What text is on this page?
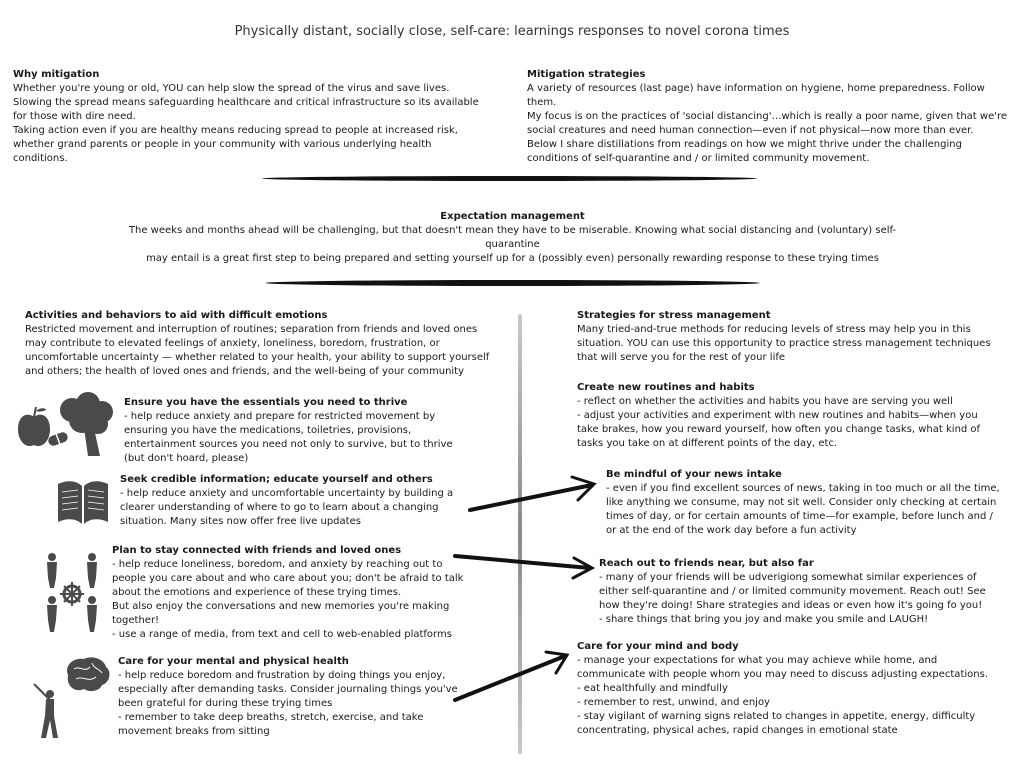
Physically distant, socially close, self-care: learnings responses to novel corona times
Why mitigation
Whether you're young or old, YOU can help slow the spread of the virus and save lives.
Slowing the spread means safeguarding healthcare and critical infrastructure so its available for those with dire need.
Taking action even if you are healthy means reducing spread to people at increased risk, whether grand parents or people in your community with various underlying health conditions.
Mitigation strategies
A variety of resources (last page) have information on hygiene, home preparedness. Follow them.
My focus is on the practices of 'social distancing'…which is really a poor name, given that we're social creatures and need human connection—even if not physical—now more than ever.
Below I share distillations from readings on how we might thrive under the challenging conditions of self-quarantine and / or limited community movement.
Expectation management
The weeks and months ahead will be challenging, but that doesn't mean they have to be miserable. Knowing what social distancing and (voluntary) self-quarantine
may entail is a great first step to being prepared and setting yourself up for a (possibly even) personally rewarding response to these trying times
Activities and behaviors to aid with difficult emotions
Restricted movement and interruption of routines; separation from friends and loved ones may contribute to elevated feelings of anxiety, loneliness, boredom, frustration, or uncomfortable uncertainty — whether related to your health, your ability to support yourself and others; the health of loved ones and friends, and the well-being of your community
Ensure you have the essentials you need to thrive
- help reduce anxiety and prepare for restricted movement by ensuring you have the medications, toiletries, provisions, entertainment sources you need not only to survive, but to thrive (but don't hoard, please)
Seek credible information; educate yourself and others
- help reduce anxiety and uncomfortable uncertainty by building a clearer understanding of where to go to learn about a changing situation. Many sites now offer free live updates
Plan to stay connected with friends and loved ones
- help reduce loneliness, boredom, and anxiety by reaching out to people you care about and who care about you; don't be afraid to talk about the emotions and experience of these trying times.
But also enjoy the conversations and new memories you're making together!
- use a range of media, from text and cell to web-enabled platforms
Care for your mental and physical health
- help reduce boredom and frustration by doing things you enjoy, especially after demanding tasks. Consider journaling things you've been grateful for during these trying times
- remember to take deep breaths, stretch, exercise, and take movement breaks from sitting
Strategies for stress management
Many tried-and-true methods for reducing levels of stress may help you in this situation. YOU can use this opportunity to practice stress management techniques that will serve you for the rest of your life
Create new routines and habits
- reflect on whether the activities and habits you have are serving you well
- adjust your activities and experiment with new routines and habits—when you take brakes, how you reward yourself, how often you change tasks, what kind of tasks you take on at different points of the day, etc.
Be mindful of your news intake
- even if you find excellent sources of news, taking in too much or all the time, like anything we consume, may not sit well. Consider only checking at certain times of day, or for certain amounts of time—for example, before lunch and / or at the end of the work day before a fun activity
Reach out to friends near, but also far
- many of your friends will be udverigiong somewhat similar experiences of either self-quarantine and / or limited community movement. Reach out! See how they're doing! Share strategies and ideas or even how it's going fo you!
- share things that bring you joy and make you smile and LAUGH!
Care for your mind and body
- manage your expectations for what you may achieve while home, and communicate with people whom you may need to discuss adjusting expectations.
- eat healthfully and mindfully
- remember to rest, unwind, and enjoy
- stay vigilant of warning signs related to changes in appetite, energy, difficulty concentrating, physical aches, rapid changes in emotional state
